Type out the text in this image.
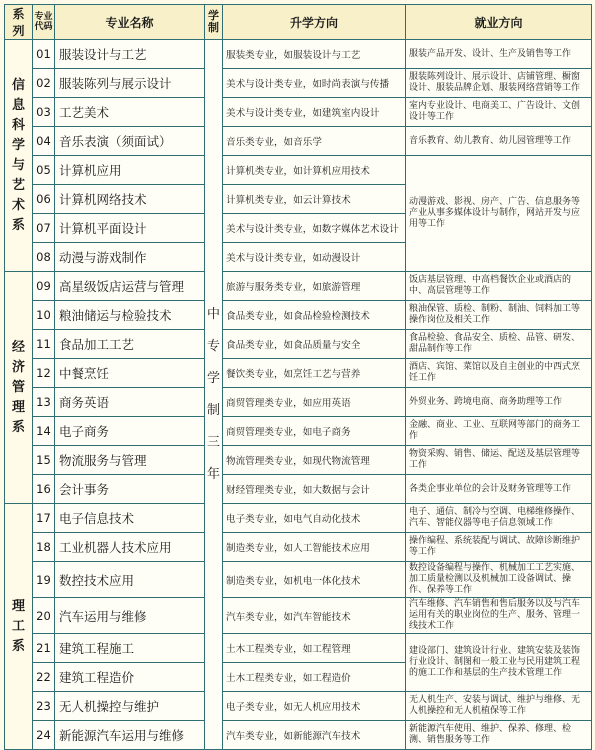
系列	专业代码	专业名称	学制	升学方向	就业方向
信息科学与艺术系	01	服装设计与工艺	中专学制三年	服装类专业，如服装设计与工艺	服装产品开发、设计、生产及销售等工作
	02	服装陈列与展示设计		美术与设计类专业，如时尚表演与传播	服装陈列设计、展示设计、店铺管理、橱窗设计、服装品牌企划、服装网络营销等工作
	03	工艺美术		美术与设计类专业，如建筑室内设计	室内专业设计、电商美工、广告设计、文创设计等工作
	04	音乐表演（须面试）		音乐类专业，如音乐学	音乐教育、幼儿教育、幼儿园管理等工作
	05	计算机应用		计算机类专业，如计算机应用技术	动漫游戏、影视、房产、广告、信息服务等产业从事多媒体设计与制作，网站开发与应用等工作
	06	计算机网络技术		计算机类专业，如云计算技术	
	07	计算机平面设计		美术与设计类专业，如数字媒体艺术设计	
	08	动漫与游戏制作		美术与设计类专业，如动漫设计	
经济管理系	09	高星级饭店运营与管理		旅游与服务类专业，如旅游管理	饭店基层管理、中高档餐饮企业或酒店的中、高层管理等工作
	10	粮油储运与检验技术		食品类专业，如食品检验检测技术	粮油保管、质检、制粉、制油、饲料加工等操作岗位及相关工作
	11	食品加工工艺		食品类专业，如食品质量与安全	食品检验、食品安全、质检、品管、研发、甜品制作等工作
	12	中餐烹饪		餐饮类专业，如烹饪工艺与营养	酒店、宾馆、菜馆以及自主创业的中西式烹饪工作
	13	商务英语		商贸管理类专业，如应用英语	外贸业务、跨境电商、商务助理等工作
	14	电子商务		商贸管理类专业，如电子商务	金融、商业、工业、互联网等部门的商务工作
	15	物流服务与管理		物流管理类专业，如现代物流管理	物资采购、销售、储运、配送及基层管理等工作
	16	会计事务		财经管理类专业，如大数据与会计	各类企事业单位的会计及财务管理等工作
理工系	17	电子信息技术		电子类专业，如电气自动化技术	电子、通信、制冷与空调、电梯维修操作、汽车、智能仪器等电子信息领域工作
	18	工业机器人技术应用		制造类专业，如人工智能技术应用	操作编程、系统装配与调试、故障诊断维护等工作
	19	数控技术应用		制造类专业，如机电一体化技术	数控设备编程与操作、机械加工工艺实施、加工质量检测以及机械加工设备调试、操作、保养等工作
	20	汽车运用与维修		汽车类专业，如汽车智能技术	汽车维修、汽车销售和售后服务以及与汽车运用有关的职业岗位的生产、服务、管理一线技术工作
	21	建筑工程施工		土木工程类专业，如工程管理	建设部门、建筑设计行业、建筑安装及装饰行业设计、制图和一般工业与民用建筑工程的施工工作和基层的生产技术管理工作
	22	建筑工程造价		土木工程类专业，如工程造价	
	23	无人机操控与维护		电子类专业，如无人机应用技术	无人机生产、安装与调试、维护与维修、无人机操控和无人机植保等工作
	24	新能源汽车运用与维修		汽车类专业，如新能源汽车技术	新能源汽车使用、维护、保养、修理、检测、销售服务等工作
